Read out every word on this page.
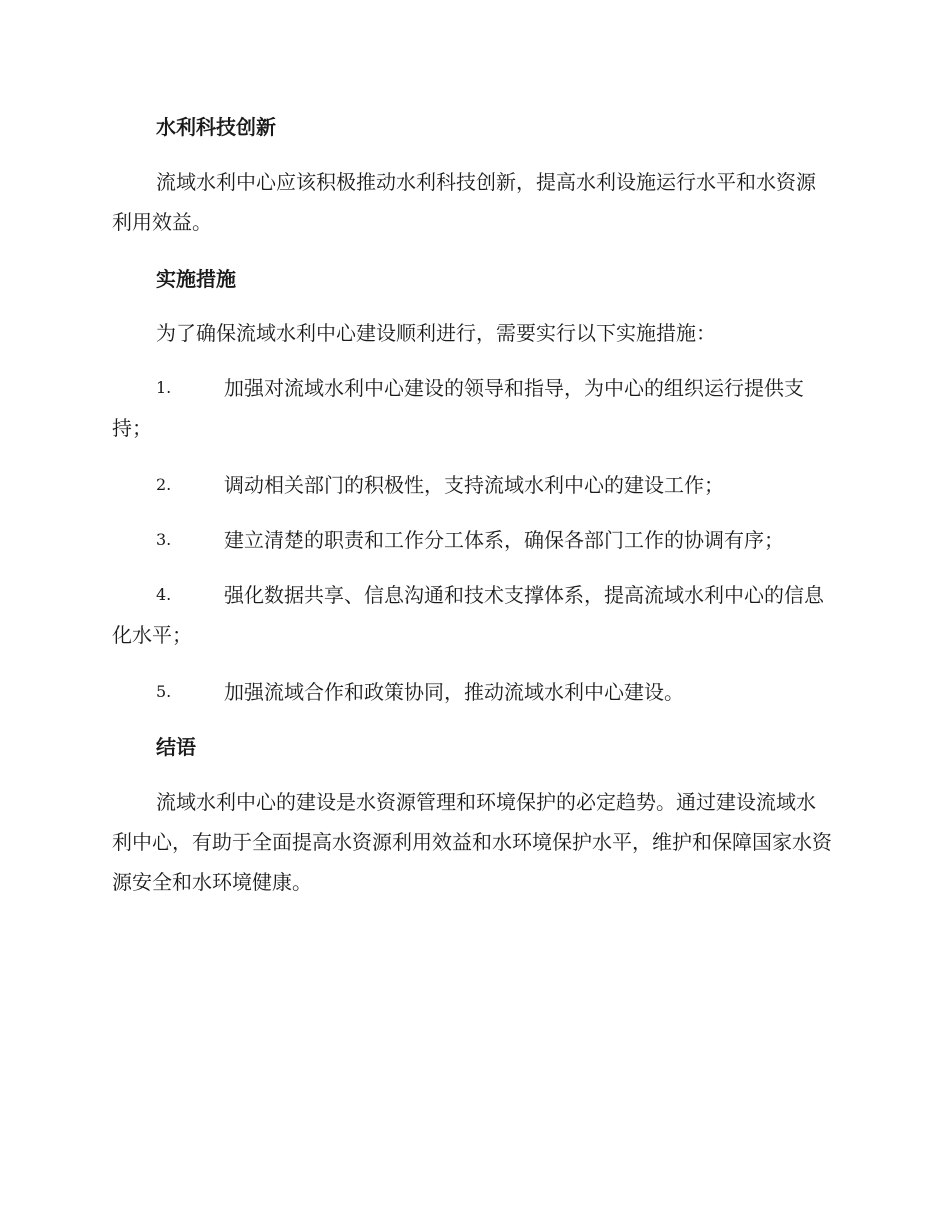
水利科技创新

流域水利中心应该积极推动水利科技创新，提高水利设施运行水平和水资源利用效益。

实施措施

为了确保流域水利中心建设顺利进行，需要实行以下实施措施：

1.	加强对流域水利中心建设的领导和指导，为中心的组织运行提供支持；
2.	调动相关部门的积极性，支持流域水利中心的建设工作；
3.	建立清楚的职责和工作分工体系，确保各部门工作的协调有序；
4.	强化数据共享、信息沟通和技术支撑体系，提高流域水利中心的信息化水平；
5.	加强流域合作和政策协同，推动流域水利中心建设。
结语

流域水利中心的建设是水资源管理和环境保护的必定趋势。通过建设流域水利中心，有助于全面提高水资源利用效益和水环境保护水平，维护和保障国家水资源安全和水环境健康。
